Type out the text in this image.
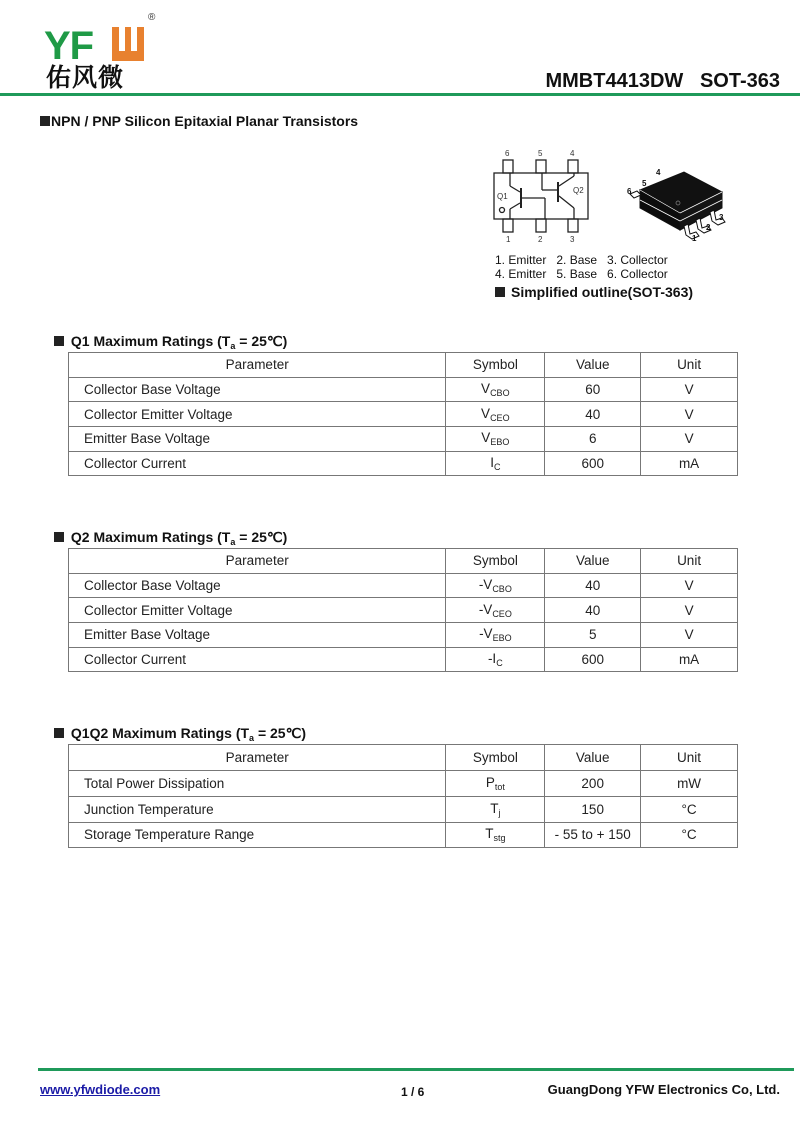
YF
®
佑风微	MMBT4413DW SOT-363
NPN / PNP Silicon Epitaxial Planar Transistors
6	5	4
1	2	3
Q1
Q2
1
2
3
4
5
6
1. Emitter   2. Base   3. Collector
4. Emitter   5. Base   6. Collector
Simplified outline(SOT-363)
Q1 Maximum Ratings ($T_a$ = 25℃)
Parameter	Symbol	Value	Unit
Collector Base Voltage	$V_{CBO}$	60	V
Collector Emitter Voltage	$V_{CEO}$	40	V
Emitter Base Voltage	$V_{EBO}$	6	V
Collector Current	$I_C$	600	mA
Q2 Maximum Ratings ($T_a$ = 25℃)
Parameter	Symbol	Value	Unit
Collector Base Voltage	$-V_{CBO}$	40	V
Collector Emitter Voltage	$-V_{CEO}$	40	V
Emitter Base Voltage	$-V_{EBO}$	5	V
Collector Current	$-I_C$	600	mA
Q1Q2 Maximum Ratings ($T_a$ = 25℃)
Parameter	Symbol	Value	Unit
Total Power Dissipation	$P_{tot}$	200	mW
Junction Temperature	$T_j$	150	°C
Storage Temperature Range	$T_{stg}$	- 55 to + 150	°C
www.yfwdiode.com	1 / 6	GuangDong YFW Electronics Co, Ltd.
